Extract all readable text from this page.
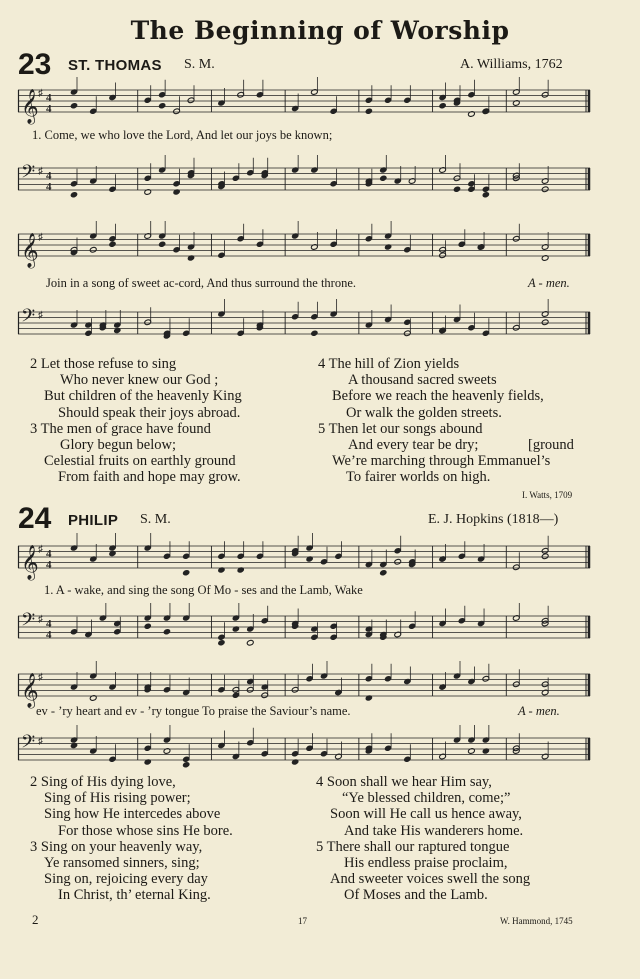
The Beginning of Worship
23 ST. THOMAS S. M.	A. Williams, 1762
𝄞 ♯ 4
4
1. Come, we who love the Lord, And let our joys be known;
𝄢 ♯ 4
4
𝄞 ♯
Join in a song of sweet ac-cord, And thus surround the throne.	A - men.
𝄢 ♯
2 Let those refuse to sing
Who never knew our God ;
But children of the heavenly King
Should speak their joys abroad.
3 The men of grace have found
Glory begun below;
Celestial fruits on earthly ground
From faith and hope may grow.
4 The hill of Zion yields
A thousand sacred sweets
Before we reach the heavenly fields,
Or walk the golden streets.
5 Then let our songs abound
And every tear be dry;	[ground
We’re marching through Emmanuel’s
To fairer worlds on high.
I. Watts, 1709
24 PHILIP S. M.	E. J. Hopkins (1818—)
𝄞 ♯ 4
4
1. A - wake, and sing the song Of Mo - ses and the Lamb, Wake
𝄢 ♯ 4
4
𝄞 ♯
ev - ’ry heart and ev - ’ry tongue To praise the Saviour’s name.	A - men.
𝄢 ♯
2 Sing of His dying love,
Sing of His rising power;
Sing how He intercedes above
For those whose sins He bore.
3 Sing on your heavenly way,
Ye ransomed sinners, sing;
Sing on, rejoicing every day
In Christ, th’ eternal King.
4 Soon shall we hear Him say,
“Ye blessed children, come;”
Soon will He call us hence away,
And take His wanderers home.
5 There shall our raptured tongue
His endless praise proclaim,
And sweeter voices swell the song
Of Moses and the Lamb.
2	17	W. Hammond, 1745
